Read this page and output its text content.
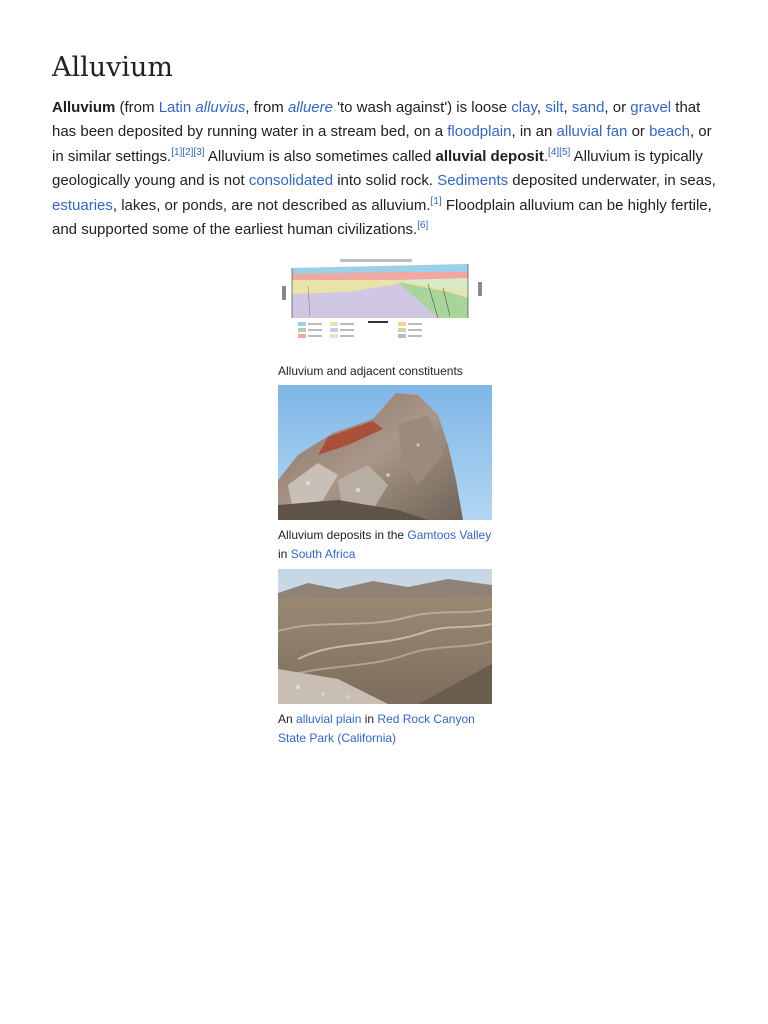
Alluvium

Alluvium (from Latin alluvius, from alluere 'to wash against') is loose clay, silt, sand, or gravel that has been deposited by running water in a stream bed, on a floodplain, in an alluvial fan or beach, or in similar settings.[1][2][3] Alluvium is also sometimes called alluvial deposit.[4][5] Alluvium is typically geologically young and is not consolidated into solid rock. Sediments deposited underwater, in seas, estuaries, lakes, or ponds, are not described as alluvium.[1] Floodplain alluvium can be highly fertile, and supported some of the earliest human civilizations.[6]

Alluvium and adjacent constituents
Alluvium deposits in the Gamtoos Valley in South Africa
An alluvial plain in Red Rock Canyon State Park (California)
